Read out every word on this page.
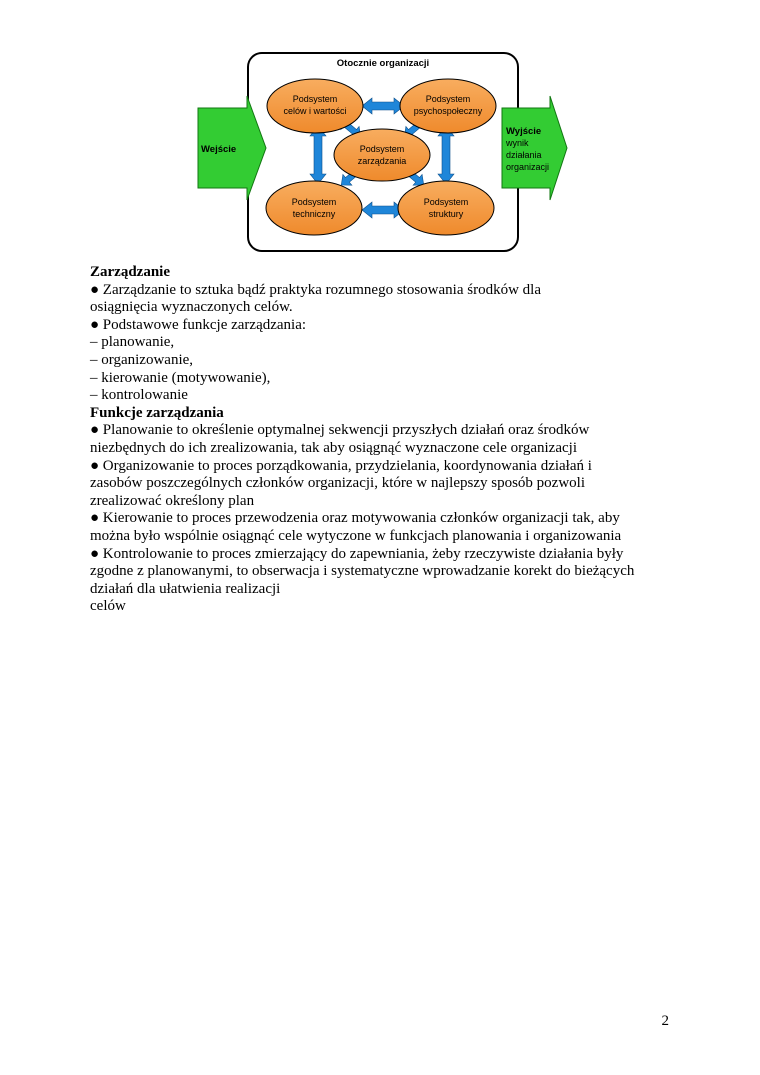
Otocznie organizacji
Wejście
Wyjście
wynik
działania
organizacji
Podsystem
celów i wartości
Podsystem
psychospołeczny
Podsystem
zarządzania
Podsystem
techniczny
Podsystem
struktury
Zarządzanie
● Zarządzanie to sztuka bądź praktyka rozumnego stosowania środków dla
osiągnięcia wyznaczonych celów.
● Podstawowe funkcje zarządzania:
– planowanie,
– organizowanie,
– kierowanie (motywowanie),
– kontrolowanie
Funkcje zarządzania
● Planowanie to określenie optymalnej sekwencji przyszłych działań oraz środków
niezbędnych do ich zrealizowania, tak aby osiągnąć wyznaczone cele organizacji
● Organizowanie to proces porządkowania, przydzielania, koordynowania działań i
zasobów poszczególnych członków organizacji, które w najlepszy sposób pozwoli
zrealizować określony plan
● Kierowanie to proces przewodzenia oraz motywowania członków organizacji tak, aby
można było wspólnie osiągnąć cele wytyczone w funkcjach planowania i organizowania
● Kontrolowanie to proces zmierzający do zapewniania, żeby rzeczywiste działania były
zgodne z planowanymi, to obserwacja i systematyczne wprowadzanie korekt do bieżących
działań dla ułatwienia realizacji
celów
2
